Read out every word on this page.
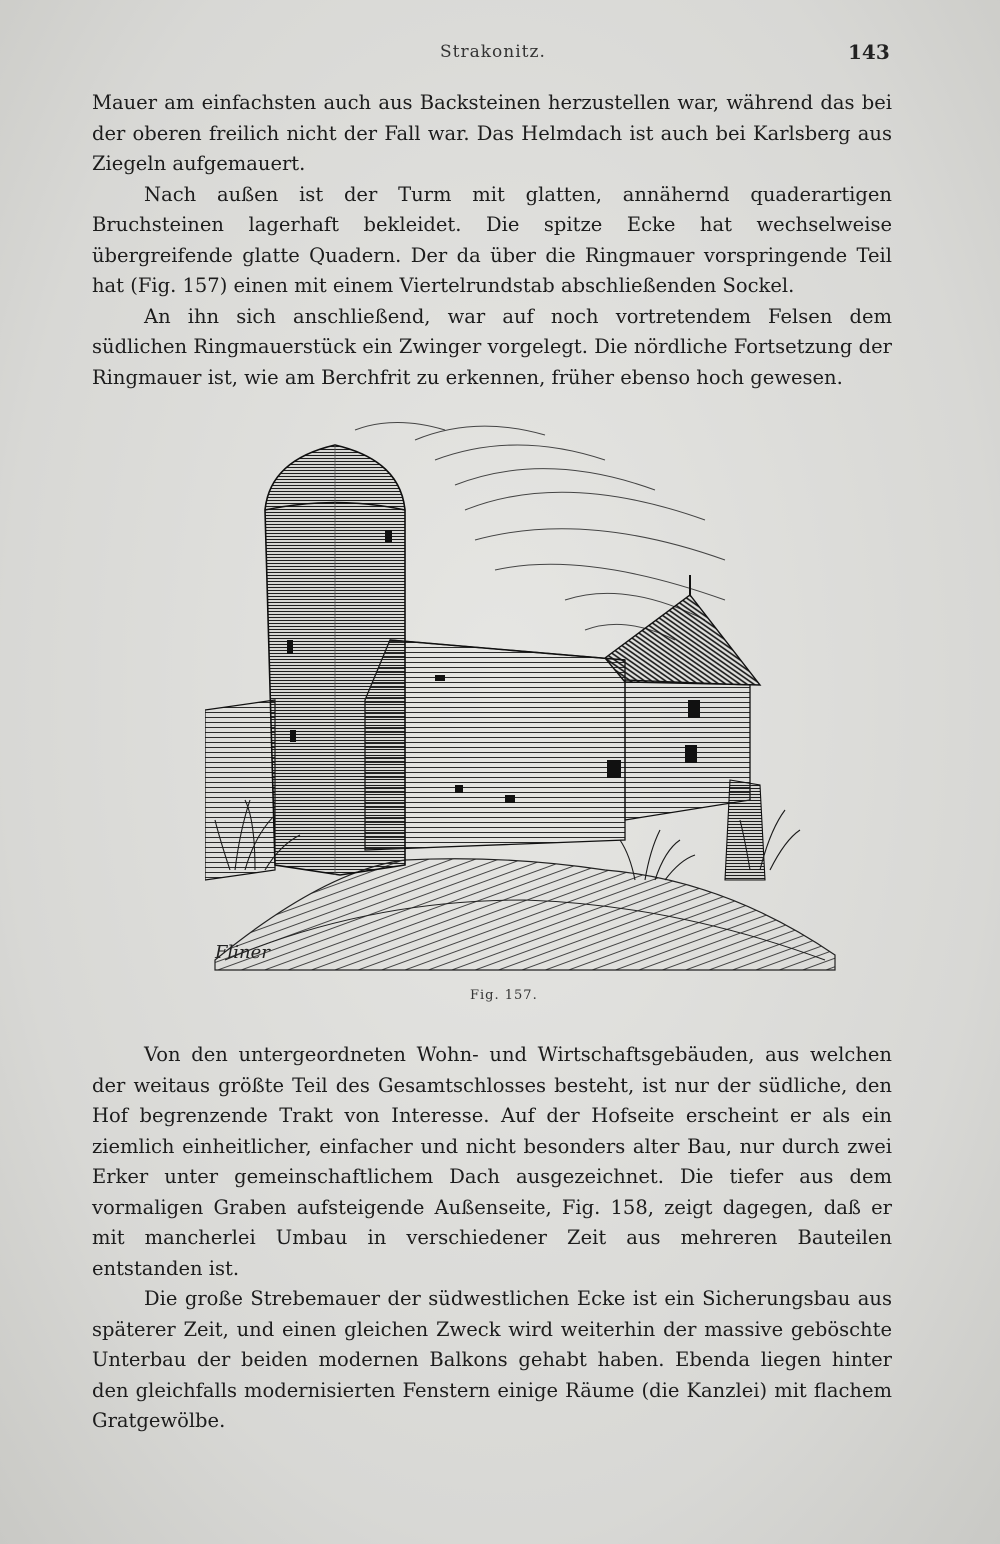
Strakonitz.	143

Mauer am einfachsten auch aus Backsteinen herzustellen war, während das bei der oberen freilich nicht der Fall war. Das Helmdach ist auch bei Karlsberg aus Ziegeln aufgemauert.

Nach außen ist der Turm mit glatten, annähernd quaderartigen Bruchsteinen lagerhaft bekleidet. Die spitze Ecke hat wechselweise übergreifende glatte Quadern. Der da über die Ringmauer vorspringende Teil hat (Fig. 157) einen mit einem Viertelrundstab abschließenden Sockel.

An ihn sich anschließend, war auf noch vortretendem Felsen dem südlichen Ringmauerstück ein Zwinger vorgelegt. Die nördliche Fortsetzung der Ringmauer ist, wie am Berchfrit zu erkennen, früher ebenso hoch gewesen.

Fliner
Fig. 157.

Von den untergeordneten Wohn- und Wirtschaftsgebäuden, aus welchen der weitaus größte Teil des Gesamtschlosses besteht, ist nur der südliche, den Hof begrenzende Trakt von Interesse. Auf der Hofseite erscheint er als ein ziemlich einheitlicher, einfacher und nicht besonders alter Bau, nur durch zwei Erker unter gemeinschaftlichem Dach ausgezeichnet. Die tiefer aus dem vormaligen Graben aufsteigende Außenseite, Fig. 158, zeigt dagegen, daß er mit mancherlei Umbau in verschiedener Zeit aus mehreren Bauteilen entstanden ist.

Die große Strebemauer der südwestlichen Ecke ist ein Sicherungsbau aus späterer Zeit, und einen gleichen Zweck wird weiterhin der massive geböschte Unterbau der beiden modernen Balkons gehabt haben. Ebenda liegen hinter den gleichfalls modernisierten Fenstern einige Räume (die Kanzlei) mit flachem Gratgewölbe.
